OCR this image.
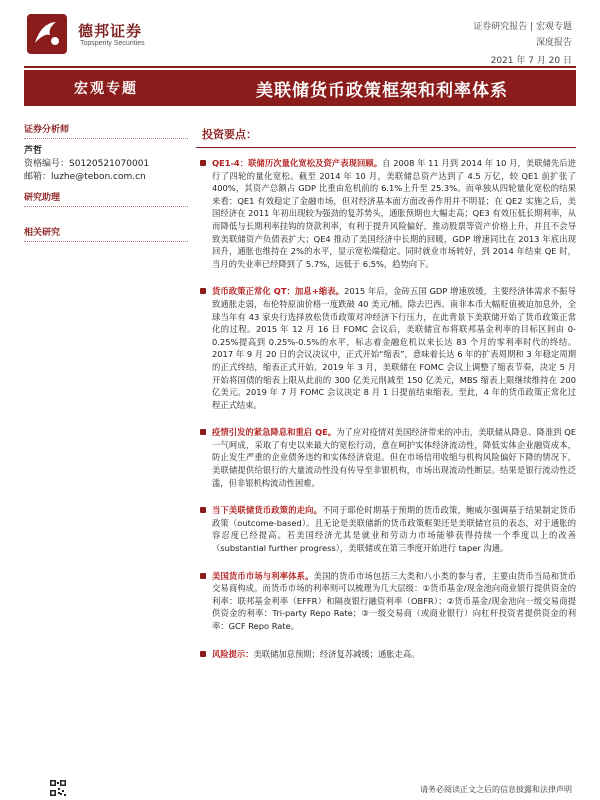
德邦证券
Topsperity Securities
证券研究报告 | 宏观专题
深度报告
2021 年 7 月 20 日
宏观专题
证券分析师
芦哲
资格编号：S0120521070001
邮箱：luzhe@tebon.com.cn
研究助理
相关研究
美联储货币政策框架和利率体系
投资要点：
QE1-4：联储历次量化宽松及资产表现回顾。自 2008 年 11 月到 2014 年 10 月，美联储先后进行了四轮的量化宽松。截至 2014 年 10 月，美联储总资产达到了 4.5 万亿，较 QE1 前扩张了 400%，其资产总额占 GDP 比重由危机前的 6.1%上升至 25.3%。而单独从四轮量化宽松的结果来看：QE1 有效稳定了金融市场，但对经济基本面方面改善作用并不明显；在 QE2 实施之后，美国经济在 2011 年初出现较为强劲的复苏势头，通胀预期也大幅走高；QE3 有效压低长期利率，从而降低与长期利率挂钩的贷款利率，有利于提升风险偏好，推动股票等资产价格上升，并且不会导致美联储资产负债表扩大；QE4 推动了美国经济中长期的回暖，GDP 增速同比在 2013 年底出现回升，通胀也维持在 2%的水平，显示宽松端稳定。同时就业市场转好，到 2014 年结束 QE 时，当月的失业率已经降到了 5.7%，远低于 6.5%，趋势向下。
货币政策正常化 QT：加息+缩表。2015 年后，金砖五国 GDP 增速放缓，主要经济体需求不振导致通胀走弱，布伦特原油价格一度跌破 40 美元/桶。除去巴西、南非本币大幅贬值被迫加息外，全球当年有 43 家央行选择放松货币政策对冲经济下行压力，在此背景下美联储开始了货币政策正常化的过程。2015 年 12 月 16 日 FOMC 会议后，美联储宣布将联邦基金利率的目标区间由 0-0.25%提高到 0.25%-0.5%的水平，标志着金融危机以来长达 83 个月的零利率时代的终结。2017 年 9 月 20 日的会议决议中，正式开始“缩表”，意味着长达 6 年的扩表周期和 3 年稳定周期的正式终结，缩表正式开始。2019 年 3 月，美联储在 FOMC 会议上调整了缩表节奏，决定 5 月开始将国债的缩表上限从此前的 300 亿美元削减至 150 亿美元，MBS 缩表上限继续维持在 200 亿美元。2019 年 7 月 FOMC 会议决定 8 月 1 日提前结束缩表。至此，4 年的货币政策正常化过程正式结束。
疫情引发的紧急降息和重启 QE。为了应对疫情对美国经济带来的冲击，美联储从降息、降准到 QE 一气呵成，采取了有史以来最大的宽松行动，意在呵护实体经济流动性，降低实体企业融资成本，防止发生严重的企业债务违约和实体经济衰退。但在市场信用收缩与机构风险偏好下降的情况下，美联储提供给银行的大量流动性没有传导至非银机构，市场出现流动性断层。结果是银行流动性泛滥，但非银机构流动性困难。
当下美联储货币政策的走向。不同于耶伦时期基于预期的货币政策，鲍威尔强调基于结果制定货币政策（outcome-based）。且无论是美联储新的货币政策框架还是美联储官员的表态，对于通胀的容忍度已经提高。若美国经济尤其是就业和劳动力市场能够获得持续一个季度以上的改善（substantial further progress），美联储或在第三季度开始进行 taper 沟通。
美国货币市场与利率体系。美国的货币市场包括三大类和八小类的参与者，主要由货币当局和货币交易商构成。而货币市场的利率则可以梳理为几大层级：①货币基金/现金池向商业银行提供资金的利率：联邦基金利率（EFFR）和隔夜银行融资利率（OBFR）；②货币基金/现金池向一级交易商提供资金的利率：Tri-party Repo Rate；③一级交易商（或商业银行）向杠杆投资者提供资金的利率：GCF Repo Rate。
风险提示：美联储加息预期；经济复苏减缓；通胀走高。
请务必阅读正文之后的信息披露和法律声明
